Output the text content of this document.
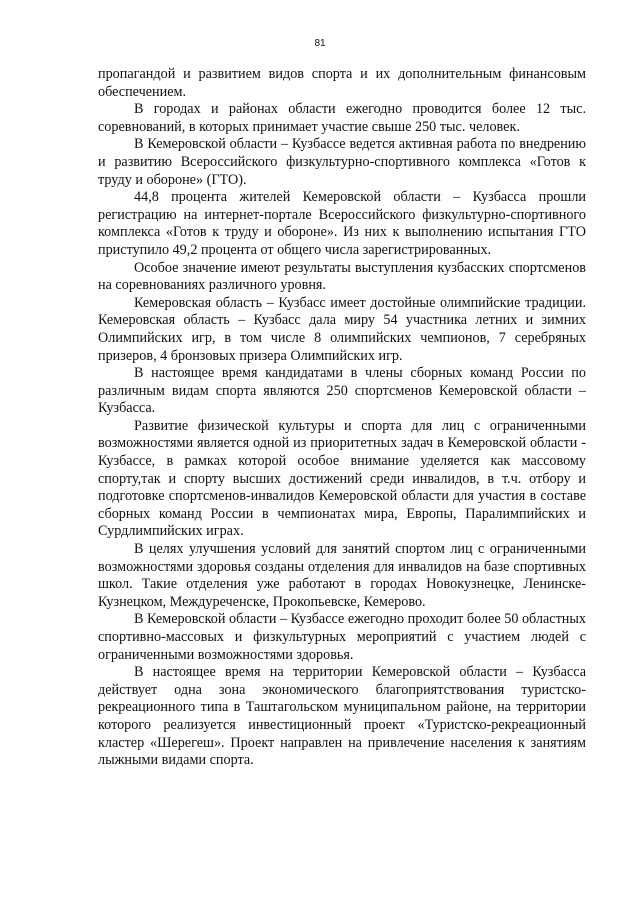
81

пропагандой и развитием видов спорта и их дополнительным финансовым обеспечением.

В городах и районах области ежегодно проводится более 12 тыс. соревнований, в которых принимает участие свыше 250 тыс. человек.

В Кемеровской области – Кузбассе ведется активная работа по внедрению и развитию Всероссийского физкультурно-спортивного комплекса «Готов к труду и обороне» (ГТО).

44,8 процента жителей Кемеровской области – Кузбасса прошли регистрацию на интернет-портале Всероссийского физкультурно-спортивного комплекса «Готов к труду и обороне». Из них к выполнению испытания ГТО приступило 49,2 процента от общего числа зарегистрированных.

Особое значение имеют результаты выступления кузбасских спортсменов на соревнованиях различного уровня.

Кемеровская область – Кузбасс имеет достойные олимпийские традиции. Кемеровская область – Кузбасс дала миру 54 участника летних и зимних Олимпийских игр, в том числе 8 олимпийских чемпионов, 7 серебряных призеров, 4 бронзовых призера Олимпийских игр.

В настоящее время кандидатами в члены сборных команд России по различным видам спорта являются 250 спортсменов Кемеровской области – Кузбасса.

Развитие физической культуры и спорта для лиц с ограниченными возможностями является одной из приоритетных задач в Кемеровской области - Кузбассе, в рамках которой особое внимание уделяется как массовому спорту,так и спорту высших достижений среди инвалидов, в т.ч. отбору и подготовке спортсменов-инвалидов Кемеровской области для участия в составе сборных команд России в чемпионатах мира, Европы, Паралимпийских и Сурдлимпийских играх.

В целях улучшения условий для занятий спортом лиц с ограниченными возможностями здоровья созданы отделения для инвалидов на базе спортивных школ. Такие отделения уже работают в городах Новокузнецке, Ленинске-Кузнецком, Междуреченске, Прокопьевске, Кемерово.

В Кемеровской области – Кузбассе ежегодно проходит более 50 областных спортивно-массовых и физкультурных мероприятий с участием людей с ограниченными возможностями здоровья.

В настоящее время на территории Кемеровской области – Кузбасса действует одна зона экономического благоприятствования туристско-рекреационного типа в Таштагольском муниципальном районе, на территории которого реализуется инвестиционный проект «Туристско-рекреационный кластер «Шерегеш». Проект направлен на привлечение населения к занятиям лыжными видами спорта.
